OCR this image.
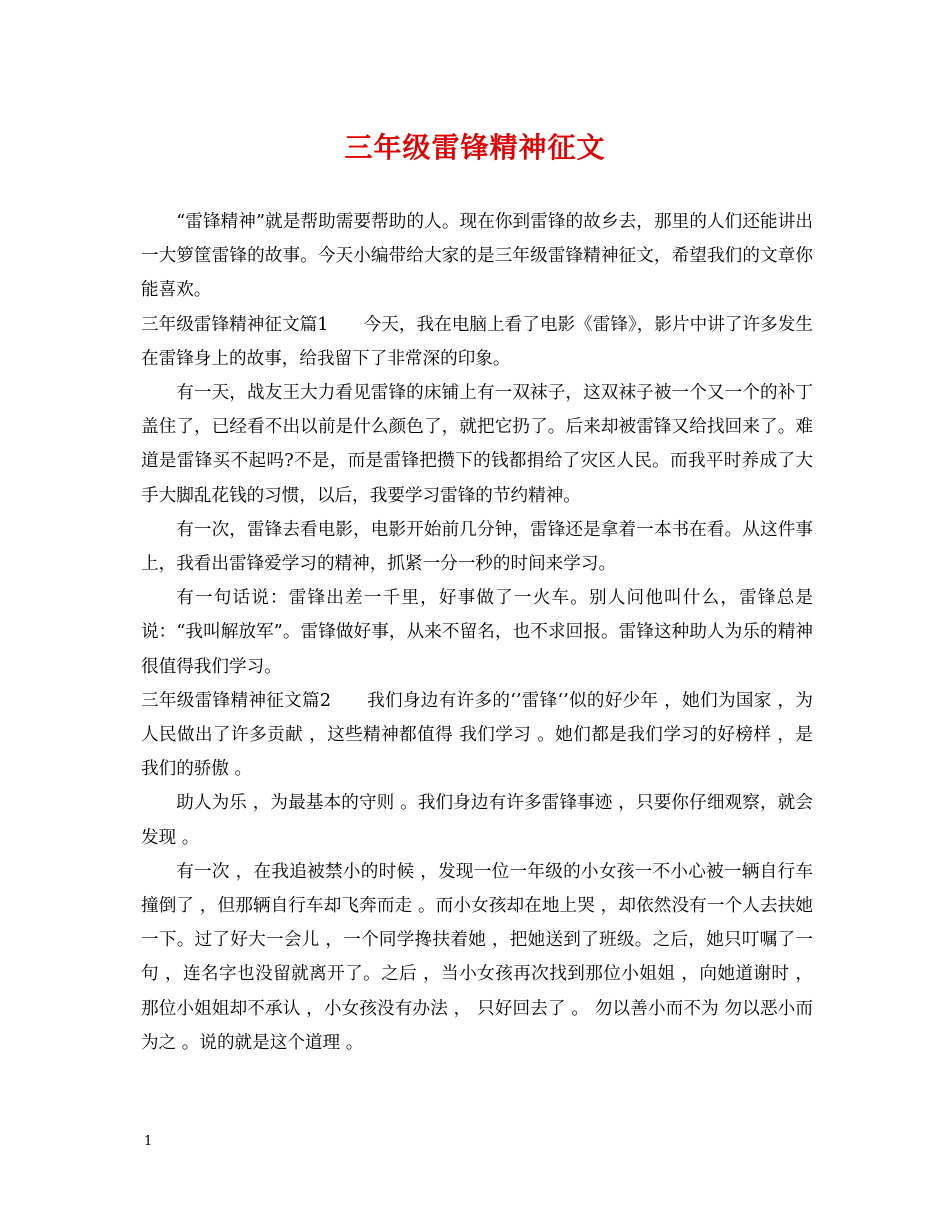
三年级雷锋精神征文

“雷锋精神”就是帮助需要帮助的人。现在你到雷锋的故乡去，那里的人们还能讲出一大箩筐雷锋的故事。今天小编带给大家的是三年级雷锋精神征文，希望我们的文章你能喜欢。

三年级雷锋精神征文篇1　　今天，我在电脑上看了电影《雷锋》，影片中讲了许多发生在雷锋身上的故事，给我留下了非常深的印象。

有一天，战友王大力看见雷锋的床铺上有一双袜子，这双袜子被一个又一个的补丁盖住了，已经看不出以前是什么颜色了，就把它扔了。后来却被雷锋又给找回来了。难道是雷锋买不起吗?不是，而是雷锋把攒下的钱都捐给了灾区人民。而我平时养成了大手大脚乱花钱的习惯，以后，我要学习雷锋的节约精神。

有一次，雷锋去看电影，电影开始前几分钟，雷锋还是拿着一本书在看。从这件事上，我看出雷锋爱学习的精神，抓紧一分一秒的时间来学习。

有一句话说：雷锋出差一千里，好事做了一火车。别人问他叫什么，雷锋总是说：“我叫解放军”。雷锋做好事，从来不留名，也不求回报。雷锋这种助人为乐的精神很值得我们学习。

三年级雷锋精神征文篇2　　我们身边有许多的‘’雷锋‘’似的好少年 ，她们为国家 ，为人民做出了许多贡献 ，这些精神都值得 我们学习 。她们都是我们学习的好榜样 ，是我们的骄傲 。

助人为乐 ，为最基本的守则 。我们身边有许多雷锋事迹 ，只要你仔细观察，就会发现 。

有一次 ，在我追被禁小的时候 ，发现一位一年级的小女孩一不小心被一辆自行车撞倒了 ，但那辆自行车却飞奔而走 。而小女孩却在地上哭 ，却依然没有一个人去扶她一下。过了好大一会儿 ，一个同学搀扶着她 ，把她送到了班级。之后，她只叮嘱了一句 ，连名字也没留就离开了。之后 ，当小女孩再次找到那位小姐姐 ，向她道谢时 ， 那位小姐姐却不承认 ，小女孩没有办法 ， 只好回去了 。 勿以善小而不为 勿以恶小而为之 。说的就是这个道理 。

1
